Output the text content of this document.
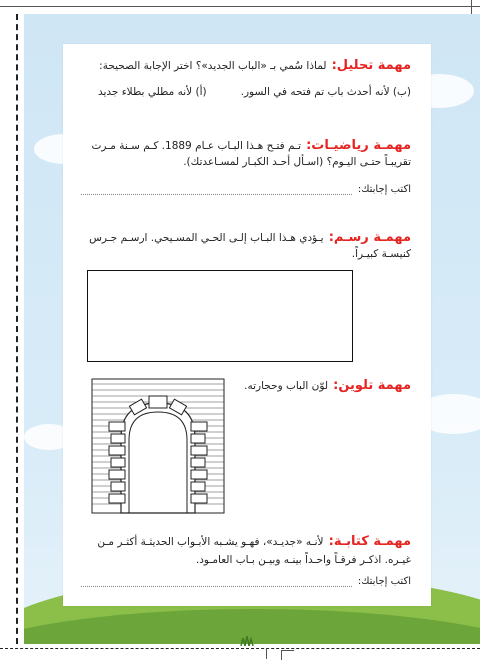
مهمة تحليل: لماذا سُمي بـ «الباب الجديد»؟ اختر الإجابة الصحيحة:
(ب) لأنه أحدث باب تم فتحه في السور.
(أ) لأنه مطلي بطلاء جديد
مهمـة رياضيـات: تـم فتـح هـذا البـاب عـام 1889. كـم سـنة مـرت
تقريبـاً حتـى اليـوم؟ (اسـأل أحـد الكبـار لمسـاعدتك).
اكتب إجابتك:
مهمـة رسـم: يـؤدي هـذا البـاب إلـى الحـي المسـيحي. ارسـم جـرس
كنيسـة كبيـراً.
مهمة تلوين: لوّن الباب وحجارته.
مهمـة كتابـة: لأنـه «جديـد»، فهـو يشـبه الأبـواب الحديثـة أكثـر مـن
غيـره. اذكـر فرقـاً واحـداً بينـه وبيـن بـاب العامـود.
اكتب إجابتك:
